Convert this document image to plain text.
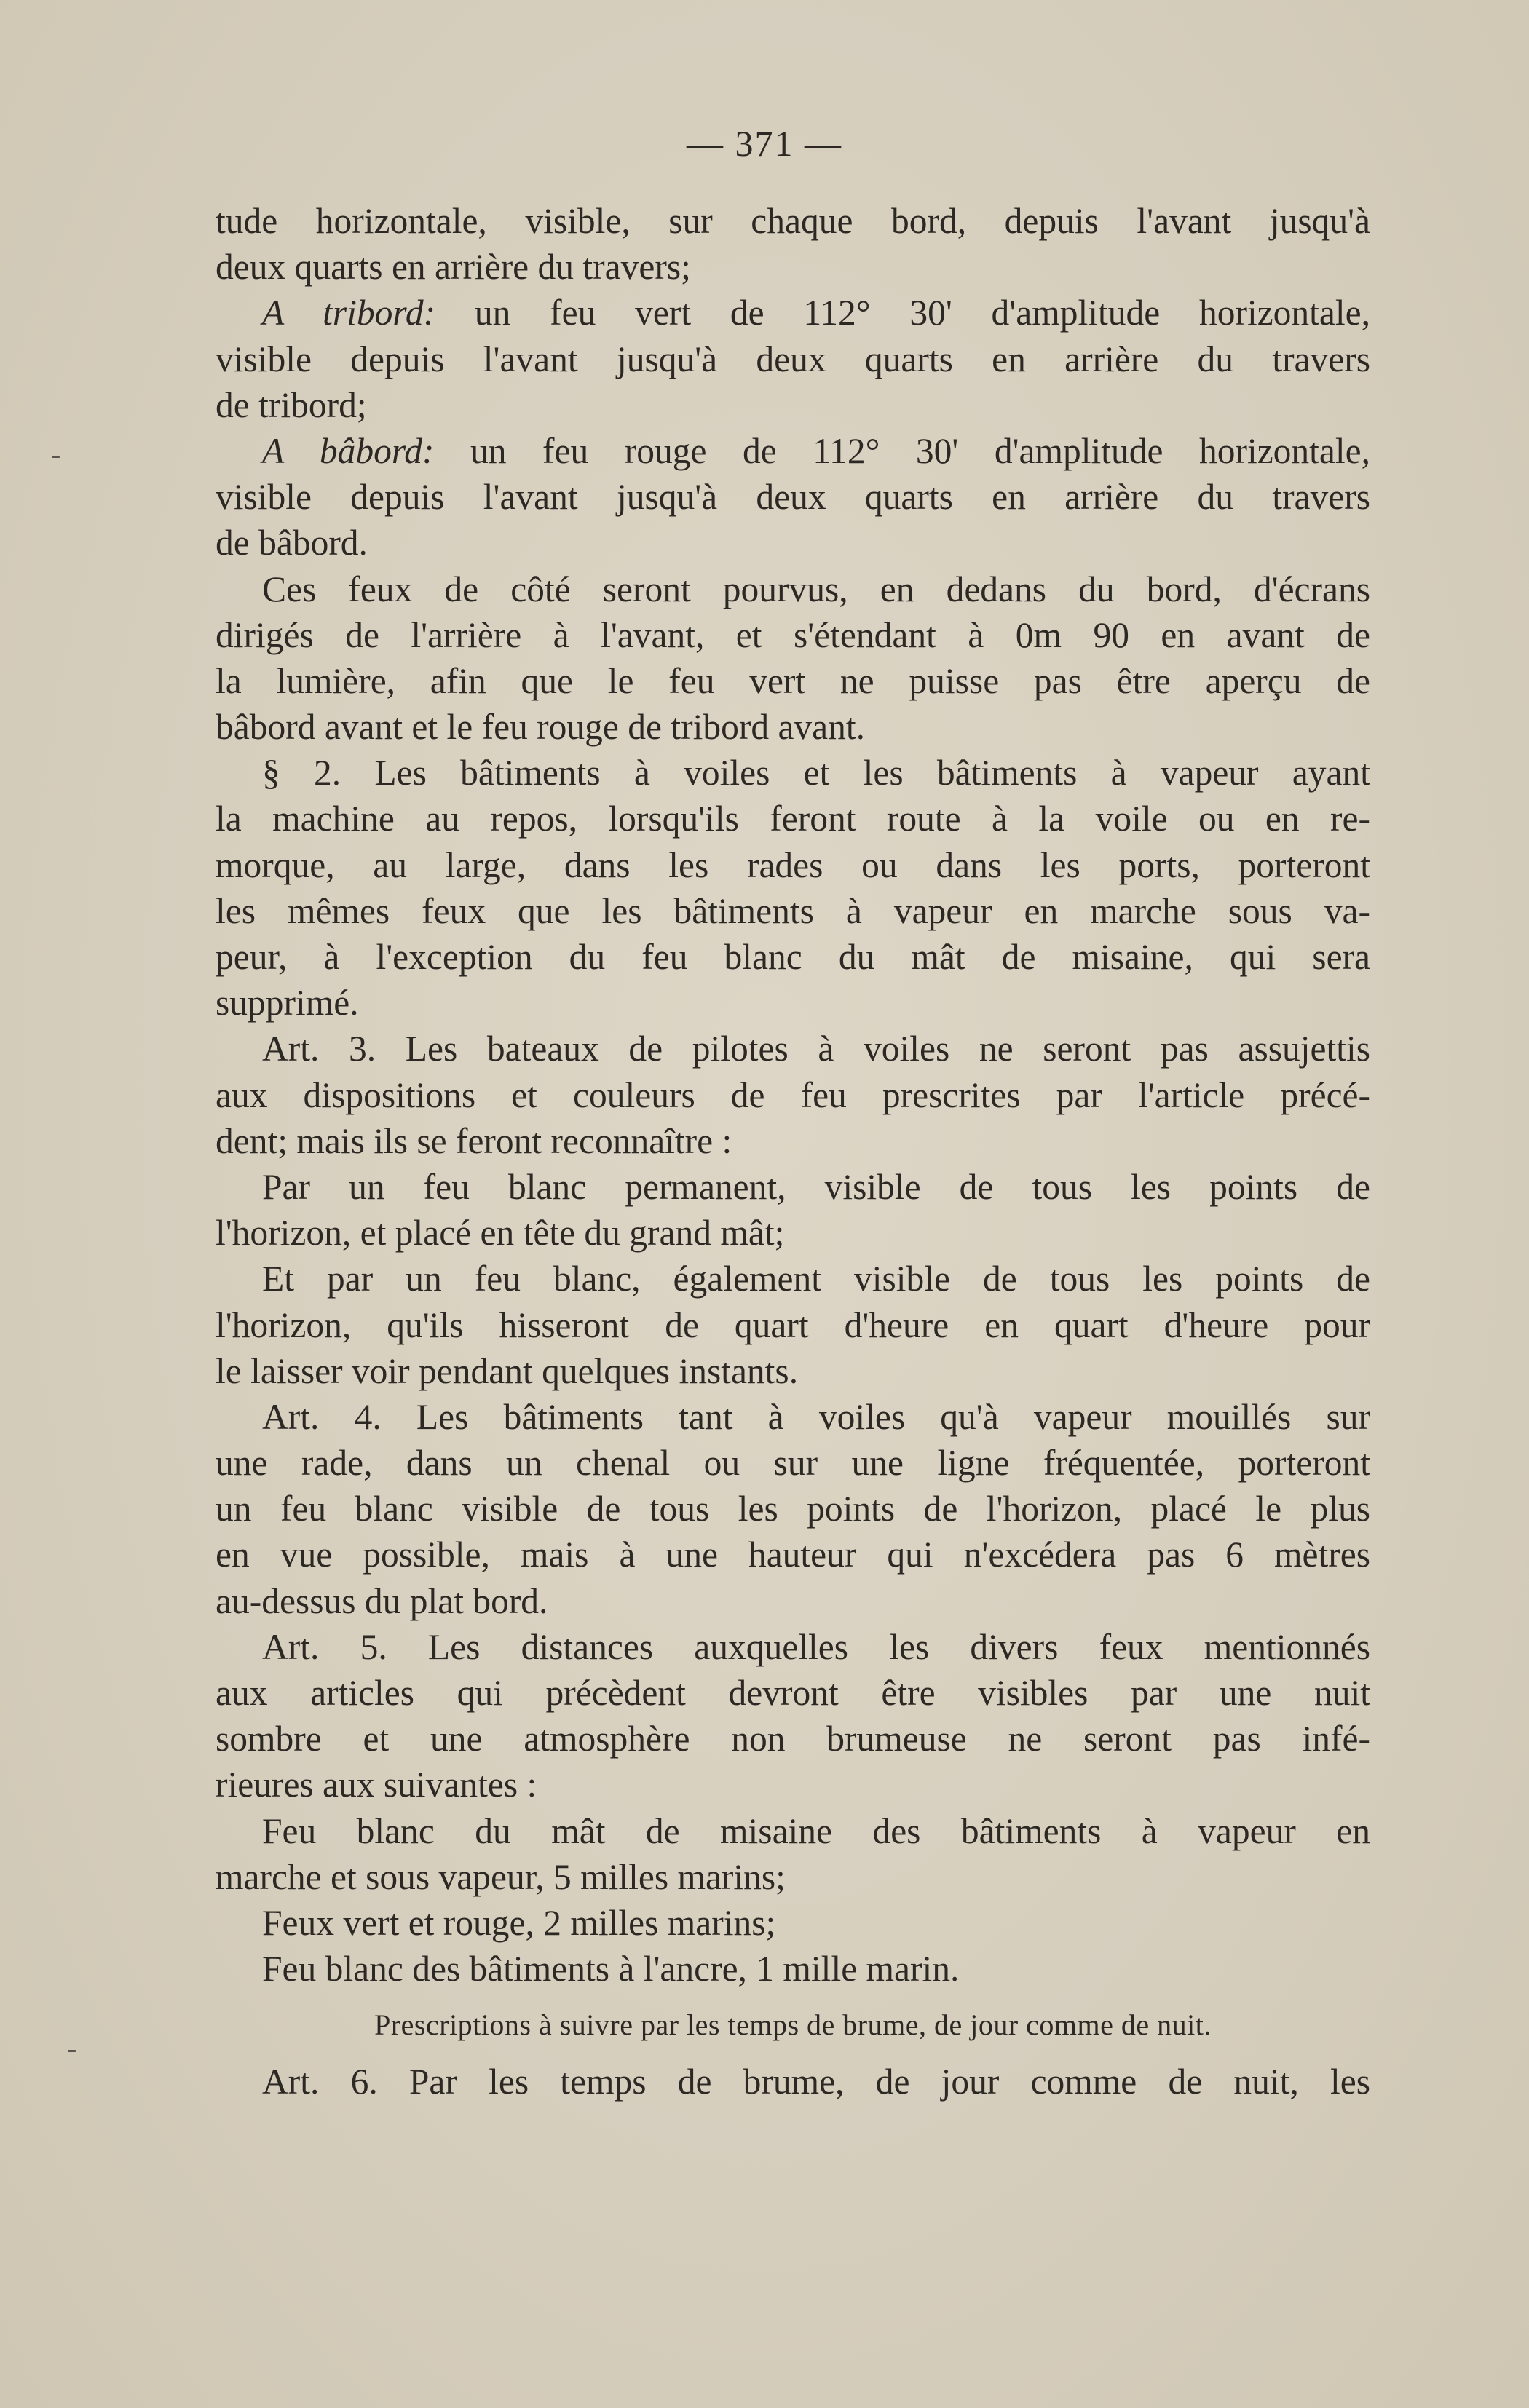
— 371 —
-
-
tude horizontale, visible, sur chaque bord, depuis l'avant jusqu'à
deux quarts en arrière du travers;
A tribord: un feu vert de 112° 30' d'amplitude horizontale,
visible depuis l'avant jusqu'à deux quarts en arrière du travers
de tribord;
A bâbord: un feu rouge de 112° 30' d'amplitude horizontale,
visible depuis l'avant jusqu'à deux quarts en arrière du travers
de bâbord.
Ces feux de côté seront pourvus, en dedans du bord, d'écrans
dirigés de l'arrière à l'avant, et s'étendant à 0m 90 en avant de
la lumière, afin que le feu vert ne puisse pas être aperçu de
bâbord avant et le feu rouge de tribord avant.
§ 2. Les bâtiments à voiles et les bâtiments à vapeur ayant
la machine au repos, lorsqu'ils feront route à la voile ou en re-
morque, au large, dans les rades ou dans les ports, porteront
les mêmes feux que les bâtiments à vapeur en marche sous va-
peur, à l'exception du feu blanc du mât de misaine, qui sera
supprimé.
Art. 3. Les bateaux de pilotes à voiles ne seront pas assujettis
aux dispositions et couleurs de feu prescrites par l'article précé-
dent; mais ils se feront reconnaître :
Par un feu blanc permanent, visible de tous les points de
l'horizon, et placé en tête du grand mât;
Et par un feu blanc, également visible de tous les points de
l'horizon, qu'ils hisseront de quart d'heure en quart d'heure pour
le laisser voir pendant quelques instants.
Art. 4. Les bâtiments tant à voiles qu'à vapeur mouillés sur
une rade, dans un chenal ou sur une ligne fréquentée, porteront
un feu blanc visible de tous les points de l'horizon, placé le plus
en vue possible, mais à une hauteur qui n'excédera pas 6 mètres
au-dessus du plat bord.
Art. 5. Les distances auxquelles les divers feux mentionnés
aux articles qui précèdent devront être visibles par une nuit
sombre et une atmosphère non brumeuse ne seront pas infé-
rieures aux suivantes :
Feu blanc du mât de misaine des bâtiments à vapeur en
marche et sous vapeur, 5 milles marins;
Feux vert et rouge, 2 milles marins;
Feu blanc des bâtiments à l'ancre, 1 mille marin.
Prescriptions à suivre par les temps de brume, de jour comme de nuit.
Art. 6. Par les temps de brume, de jour comme de nuit, les
